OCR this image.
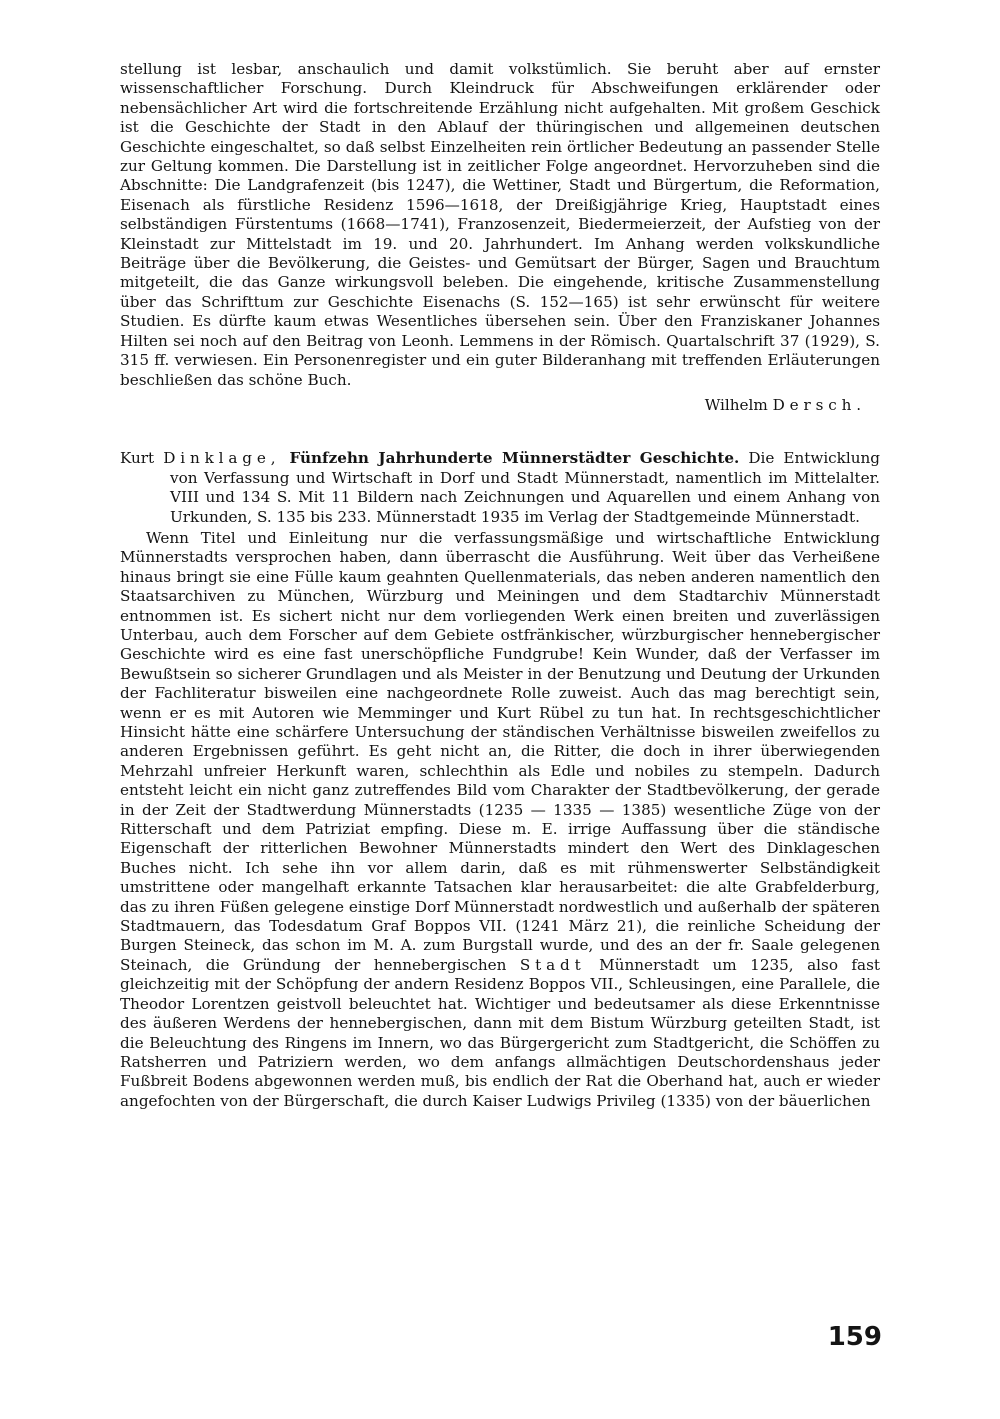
stellung ist lesbar, anschaulich und damit volkstümlich. Sie beruht aber auf ernster wissenschaftlicher Forschung. Durch Kleindruck für Abschweifungen erklärender oder nebensächlicher Art wird die fortschreitende Erzählung nicht aufgehalten. Mit großem Geschick ist die Geschichte der Stadt in den Ablauf der thüringischen und allgemeinen deutschen Geschichte eingeschaltet, so daß selbst Einzelheiten rein örtlicher Bedeutung an passender Stelle zur Geltung kommen. Die Darstellung ist in zeitlicher Folge angeordnet. Hervorzuheben sind die Abschnitte: Die Landgrafenzeit (bis 1247), die Wettiner, Stadt und Bürgertum, die Reformation, Eisenach als fürstliche Residenz 1596—1618, der Dreißigjährige Krieg, Hauptstadt eines selbständigen Fürstentums (1668—1741), Franzosenzeit, Biedermeierzeit, der Aufstieg von der Kleinstadt zur Mittelstadt im 19. und 20. Jahrhundert. Im Anhang werden volkskundliche Beiträge über die Bevölkerung, die Geistes- und Gemütsart der Bürger, Sagen und Brauchtum mitgeteilt, die das Ganze wirkungsvoll beleben. Die eingehende, kritische Zusammenstellung über das Schrifttum zur Geschichte Eisenachs (S. 152—165) ist sehr erwünscht für weitere Studien. Es dürfte kaum etwas Wesentliches übersehen sein. Über den Franziskaner Johannes Hilten sei noch auf den Beitrag von Leonh. Lemmens in der Römisch. Quartalschrift 37 (1929), S. 315 ff. verwiesen. Ein Personenregister und ein guter Bilderanhang mit treffenden Erläuterungen beschließen das schöne Buch.

Wilhelm Dersch.

Kurt Dinklage, Fünfzehn Jahrhunderte Münnerstädter Geschichte. Die Entwicklung von Verfassung und Wirtschaft in Dorf und Stadt Münnerstadt, namentlich im Mittelalter. VIII und 134 S. Mit 11 Bildern nach Zeichnungen und Aquarellen und einem Anhang von Urkunden, S. 135 bis 233. Münnerstadt 1935 im Verlag der Stadtgemeinde Münnerstadt.

Wenn Titel und Einleitung nur die verfassungsmäßige und wirtschaftliche Entwicklung Münnerstadts versprochen haben, dann überrascht die Ausführung. Weit über das Verheißene hinaus bringt sie eine Fülle kaum geahnten Quellenmaterials, das neben anderen namentlich den Staatsarchiven zu München, Würzburg und Meiningen und dem Stadtarchiv Münnerstadt entnommen ist. Es sichert nicht nur dem vorliegenden Werk einen breiten und zuverlässigen Unterbau, auch dem Forscher auf dem Gebiete ostfränkischer, würzburgischer hennebergischer Geschichte wird es eine fast unerschöpfliche Fundgrube! Kein Wunder, daß der Verfasser im Bewußtsein so sicherer Grundlagen und als Meister in der Benutzung und Deutung der Urkunden der Fachliteratur bisweilen eine nachgeordnete Rolle zuweist. Auch das mag berechtigt sein, wenn er es mit Autoren wie Memminger und Kurt Rübel zu tun hat. In rechtsgeschichtlicher Hinsicht hätte eine schärfere Untersuchung der ständischen Verhältnisse bisweilen zweifellos zu anderen Ergebnissen geführt. Es geht nicht an, die Ritter, die doch in ihrer überwiegenden Mehrzahl unfreier Herkunft waren, schlechthin als Edle und nobiles zu stempeln. Dadurch entsteht leicht ein nicht ganz zutreffendes Bild vom Charakter der Stadtbevölkerung, der gerade in der Zeit der Stadtwerdung Münnerstadts (1235 — 1335 — 1385) wesentliche Züge von der Ritterschaft und dem Patriziat empfing. Diese m. E. irrige Auffassung über die ständische Eigenschaft der ritterlichen Bewohner Münnerstadts mindert den Wert des Dinklageschen Buches nicht. Ich sehe ihn vor allem darin, daß es mit rühmenswerter Selbständigkeit umstrittene oder mangelhaft erkannte Tatsachen klar herausarbeitet: die alte Grabfelderburg, das zu ihren Füßen gelegene einstige Dorf Münnerstadt nordwestlich und außerhalb der späteren Stadtmauern, das Todesdatum Graf Boppos VII. (1241 März 21), die reinliche Scheidung der Burgen Steineck, das schon im M. A. zum Burgstall wurde, und des an der fr. Saale gelegenen Steinach, die Gründung der hennebergischen Stadt Münnerstadt um 1235, also fast gleichzeitig mit der Schöpfung der andern Residenz Boppos VII., Schleusingen, eine Parallele, die Theodor Lorentzen geistvoll beleuchtet hat. Wichtiger und bedeutsamer als diese Erkenntnisse des äußeren Werdens der hennebergischen, dann mit dem Bistum Würzburg geteilten Stadt, ist die Beleuchtung des Ringens im Innern, wo das Bürgergericht zum Stadtgericht, die Schöffen zu Ratsherren und Patriziern werden, wo dem anfangs allmächtigen Deutschordenshaus jeder Fußbreit Bodens abgewonnen werden muß, bis endlich der Rat die Oberhand hat, auch er wieder angefochten von der Bürgerschaft, die durch Kaiser Ludwigs Privileg (1335) von der bäuerlichen

159
